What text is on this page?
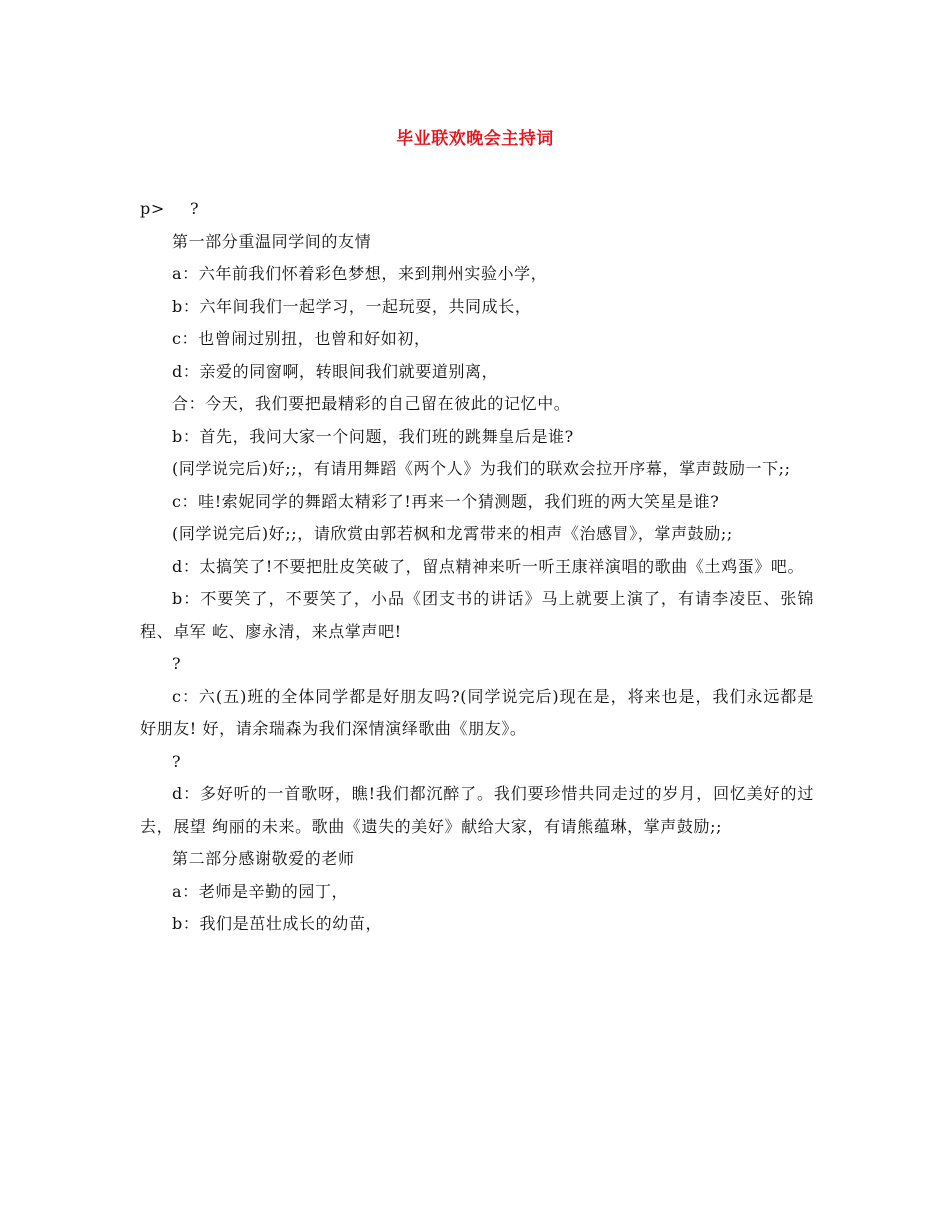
毕业联欢晚会主持词

p> ?

第一部分重温同学间的友情

a：六年前我们怀着彩色梦想，来到荆州实验小学，

b：六年间我们一起学习，一起玩耍，共同成长，

c：也曾闹过别扭，也曾和好如初，

d：亲爱的同窗啊，转眼间我们就要道别离，

合：今天，我们要把最精彩的自己留在彼此的记忆中。

b：首先，我问大家一个问题，我们班的跳舞皇后是谁?

(同学说完后)好;;，有请用舞蹈《两个人》为我们的联欢会拉开序幕，掌声鼓励一下;;

c：哇!索妮同学的舞蹈太精彩了!再来一个猜测题，我们班的两大笑星是谁?

(同学说完后)好;;，请欣赏由郭若枫和龙霄带来的相声《治感冒》，掌声鼓励;;

d：太搞笑了!不要把肚皮笑破了，留点精神来听一听王康祥演唱的歌曲《土鸡蛋》吧。

b：不要笑了，不要笑了，小品《团支书的讲话》马上就要上演了，有请李凌臣、张锦程、卓军 屹、廖永清，来点掌声吧!

?

c：六(五)班的全体同学都是好朋友吗?(同学说完后)现在是，将来也是，我们永远都是好朋友! 好，请余瑞森为我们深情演绎歌曲《朋友》。

?

d：多好听的一首歌呀，瞧!我们都沉醉了。我们要珍惜共同走过的岁月，回忆美好的过去，展望 绚丽的未来。歌曲《遗失的美好》献给大家，有请熊蕴琳，掌声鼓励;;

第二部分感谢敬爱的老师

a：老师是辛勤的园丁，

b：我们是茁壮成长的幼苗，
